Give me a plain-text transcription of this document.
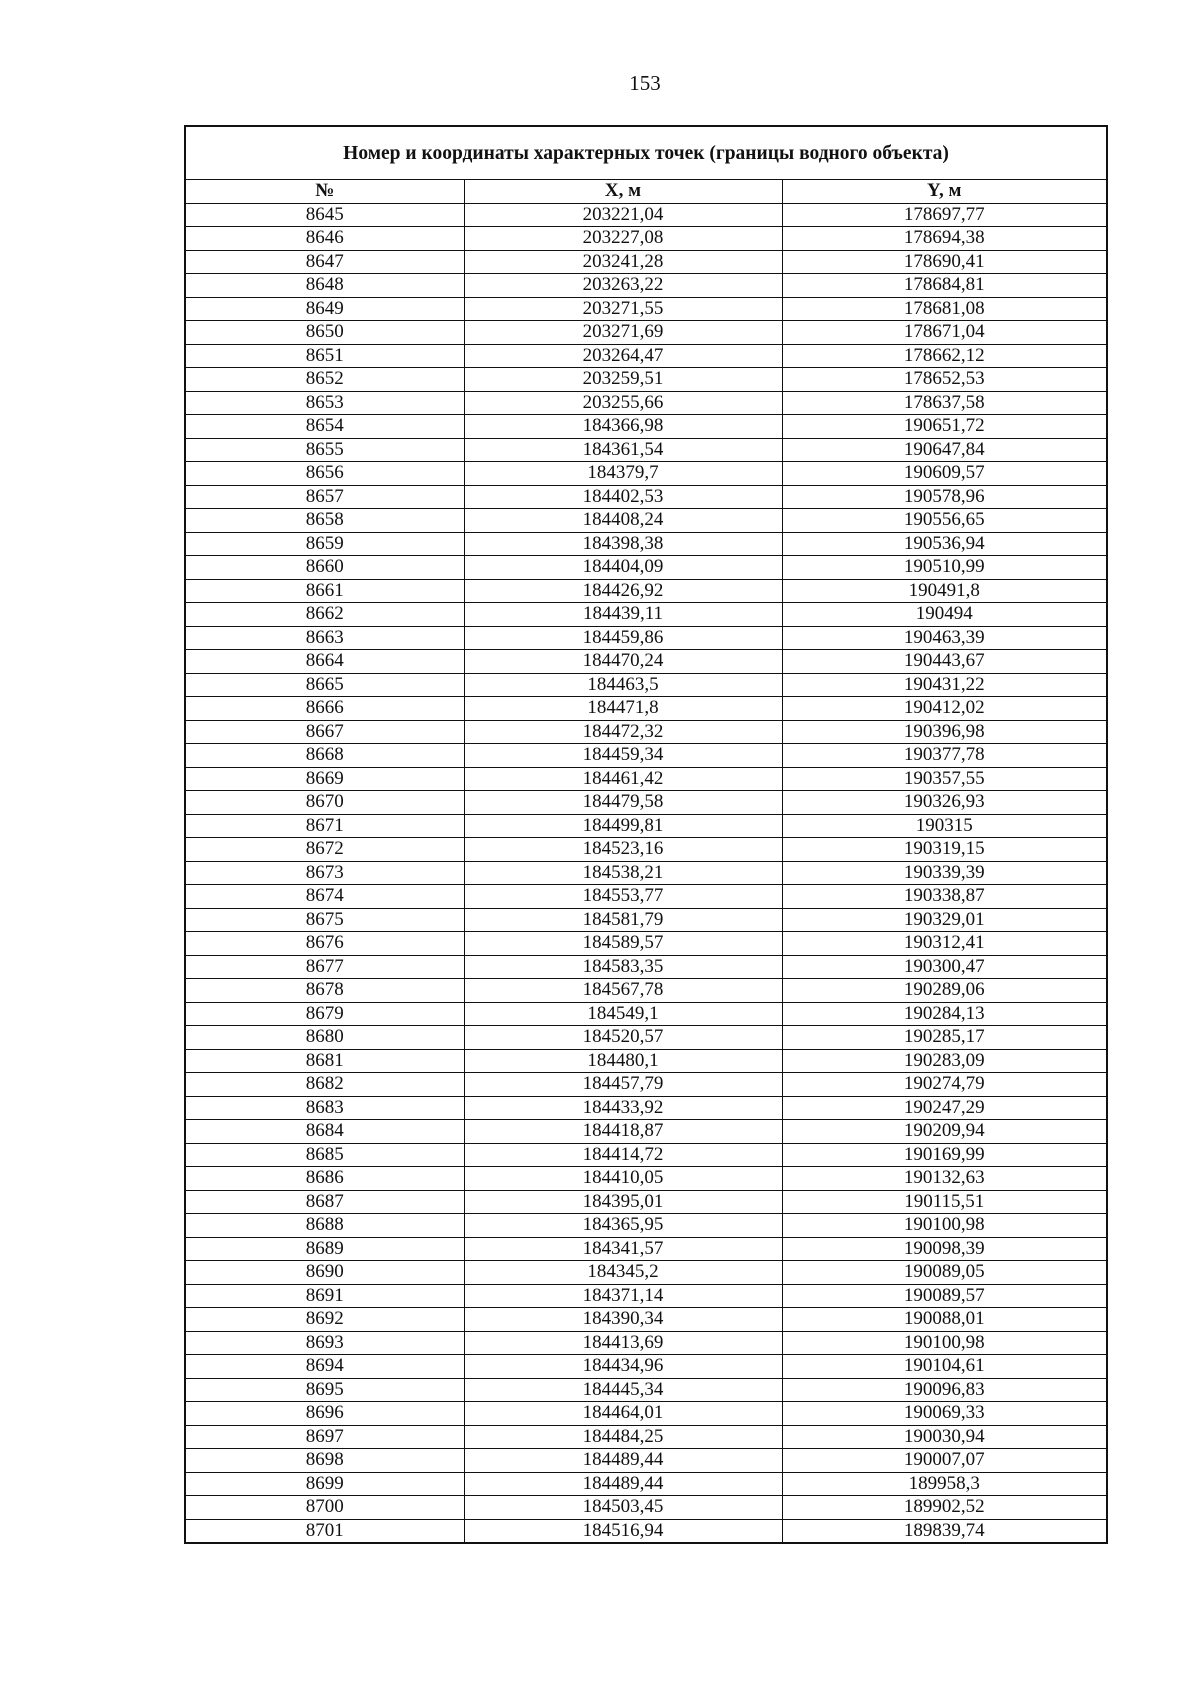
153
Номер и координаты характерных точек (границы водного объекта)		
№	X, м	Y, м
8645	203221,04	178697,77
8646	203227,08	178694,38
8647	203241,28	178690,41
8648	203263,22	178684,81
8649	203271,55	178681,08
8650	203271,69	178671,04
8651	203264,47	178662,12
8652	203259,51	178652,53
8653	203255,66	178637,58
8654	184366,98	190651,72
8655	184361,54	190647,84
8656	184379,7	190609,57
8657	184402,53	190578,96
8658	184408,24	190556,65
8659	184398,38	190536,94
8660	184404,09	190510,99
8661	184426,92	190491,8
8662	184439,11	190494
8663	184459,86	190463,39
8664	184470,24	190443,67
8665	184463,5	190431,22
8666	184471,8	190412,02
8667	184472,32	190396,98
8668	184459,34	190377,78
8669	184461,42	190357,55
8670	184479,58	190326,93
8671	184499,81	190315
8672	184523,16	190319,15
8673	184538,21	190339,39
8674	184553,77	190338,87
8675	184581,79	190329,01
8676	184589,57	190312,41
8677	184583,35	190300,47
8678	184567,78	190289,06
8679	184549,1	190284,13
8680	184520,57	190285,17
8681	184480,1	190283,09
8682	184457,79	190274,79
8683	184433,92	190247,29
8684	184418,87	190209,94
8685	184414,72	190169,99
8686	184410,05	190132,63
8687	184395,01	190115,51
8688	184365,95	190100,98
8689	184341,57	190098,39
8690	184345,2	190089,05
8691	184371,14	190089,57
8692	184390,34	190088,01
8693	184413,69	190100,98
8694	184434,96	190104,61
8695	184445,34	190096,83
8696	184464,01	190069,33
8697	184484,25	190030,94
8698	184489,44	190007,07
8699	184489,44	189958,3
8700	184503,45	189902,52
8701	184516,94	189839,74
